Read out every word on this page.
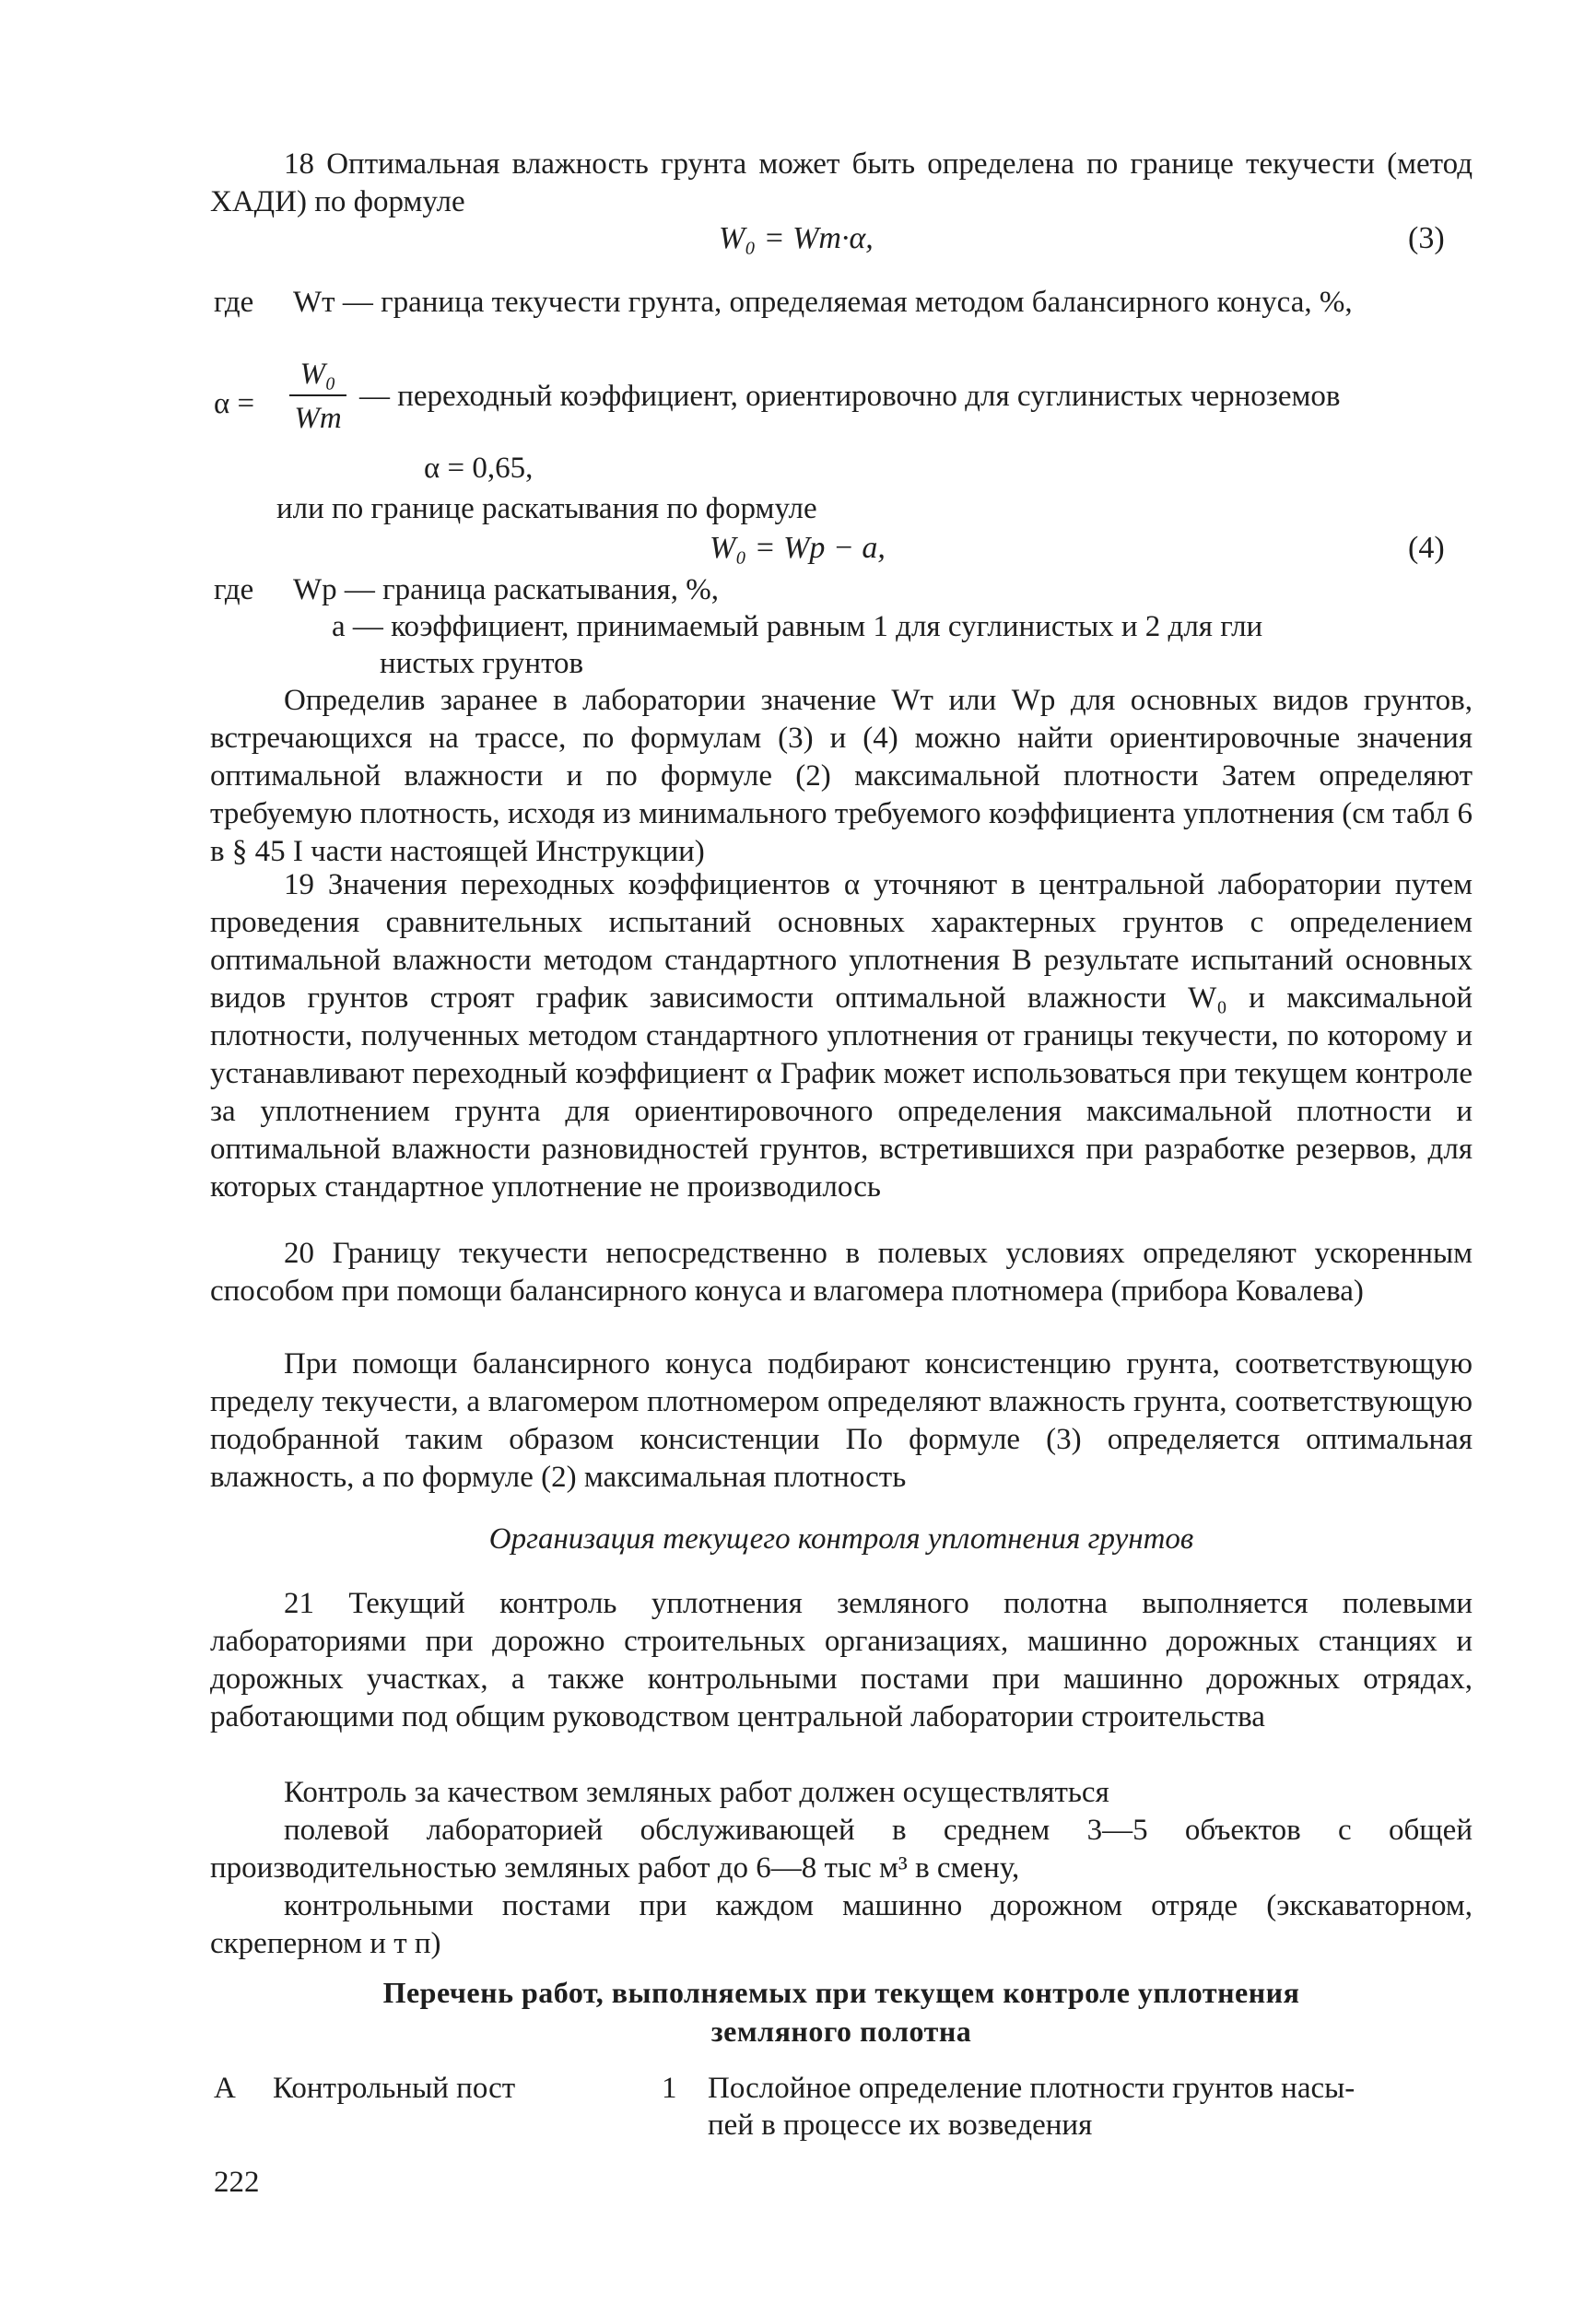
18 Оптимальная влажность грунта может быть определена по границе текучести (метод ХАДИ) по формуле

W₀ = Wт·α,	(3)
где Wт — граница текучести грунта, определяемая методом балансирного конуса, %,
α =
W₀
Wт
— переходный коэффициент, ориентировочно для суглинистых черноземов
α = 0,65,
или по границе раскатывания по формуле
W₀ = Wр − a,	(4)
где Wр — граница раскатывания, %,
a — коэффициент, принимаемый равным 1 для суглинистых и 2 для гли
нистых грунтов

Определив заранее в лаборатории значение Wт или Wр для основных видов грунтов, встречающихся на трассе, по формулам (3) и (4) можно найти ориентировочные значения оптимальной влажности и по формуле (2) максимальной плотности Затем определяют требуемую плотность, исходя из минимального требуемого коэффициента уплотнения (см табл 6 в § 45 I части настоящей Инструкции)

19 Значения переходных коэффициентов α уточняют в центральной лаборатории путем проведения сравнительных испытаний основных характерных грунтов с определением оптимальной влажности методом стандартного уплотнения В результате испытаний основных видов грунтов строят график зависимости оптимальной влажности W₀ и максимальной плотности, полученных методом стандартного уплотнения от границы текучести, по которому и устанавливают переходный коэффициент α График может использоваться при текущем контроле за уплотнением грунта для ориентировочного определения максимальной плотности и оптимальной влажности разновидностей грунтов, встретившихся при разработке резервов, для которых стандартное уплотнение не производилось

20 Границу текучести непосредственно в полевых условиях определяют ускоренным способом при помощи балансирного конуса и влагомера плотномера (прибора Ковалева)

При помощи балансирного конуса подбирают консистенцию грунта, соответствующую пределу текучести, а влагомером плотномером определяют влажность грунта, соответствующую подобранной таким образом консистенции По формуле (3) определяется оптимальная влажность, а по формуле (2) максимальная плотность

Организация текущего контроля уплотнения грунтов

21 Текущий контроль уплотнения земляного полотна выполняется полевыми лабораториями при дорожно строительных организациях, машинно дорожных станциях и дорожных участках, а также контрольными постами при машинно дорожных отрядах, работающими под общим руководством центральной лаборатории строительства

Контроль за качеством земляных работ должен осуществляться

полевой лабораторией обслуживающей в среднем 3—5 объектов с общей производительностью земляных работ до 6—8 тыс м³ в смену,

контрольными постами при каждом машинно дорожном отряде (экскаваторном, скреперном и т п)

Перечень работ, выполняемых при текущем контроле уплотнения
земляного полотна
А Контрольный пост	1 Послойное определение плотности грунтов насы-
пей в процессе их возведения
222
